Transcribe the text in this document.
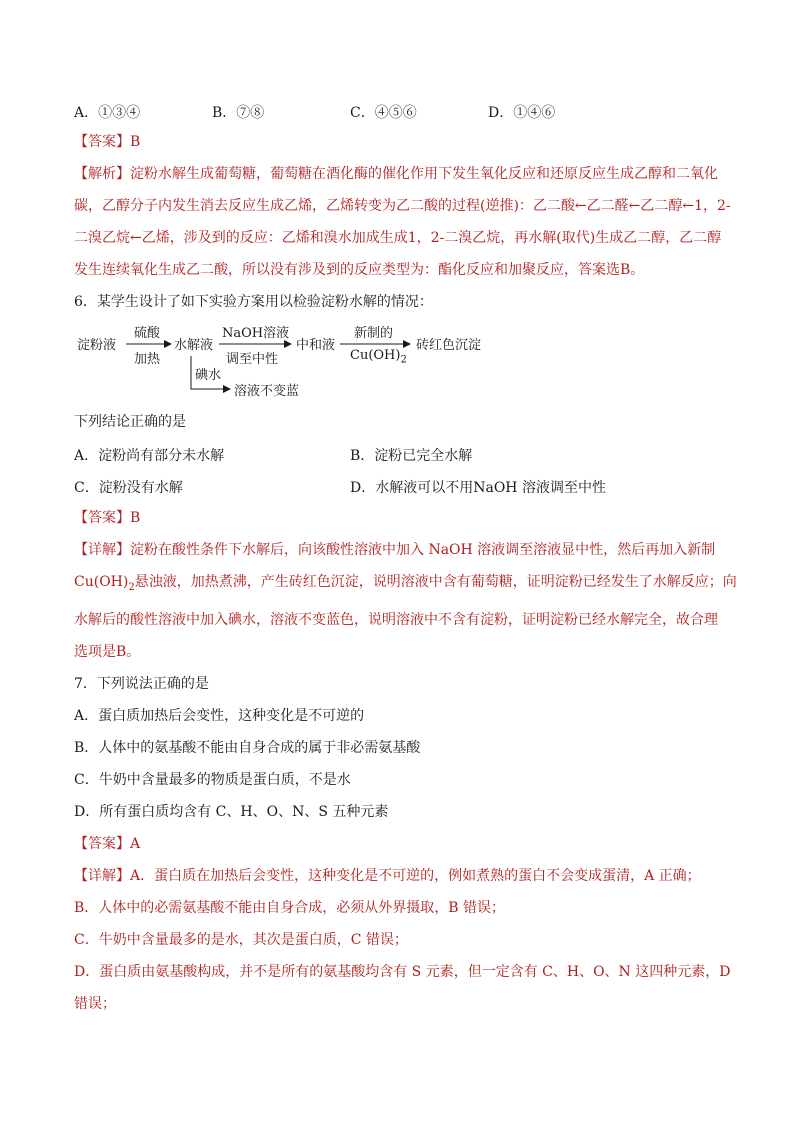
A．①③④	B．⑦⑧	C．④⑤⑥	D．①④⑥
【答案】B
【解析】淀粉水解生成葡萄糖，葡萄糖在酒化酶的催化作用下发生氧化反应和还原反应生成乙醇和二氧化
碳，乙醇分子内发生消去反应生成乙烯，乙烯转变为乙二酸的过程(逆推)：乙二酸←乙二醛←乙二醇←1，2-
二溴乙烷←乙烯，涉及到的反应：乙烯和溴水加成生成1，2-二溴乙烷，再水解(取代)生成乙二醇，乙二醇
发生连续氧化生成乙二酸，所以没有涉及到的反应类型为：酯化反应和加聚反应，答案选B。
6．某学生设计了如下实验方案用以检验淀粉水解的情况：
淀粉液
硫酸
加热
水解液
NaOH溶液
调至中性
中和液
新制的
$Cu(OH)_2$
砖红色沉淀
碘水
溶液不变蓝
下列结论正确的是
A．淀粉尚有部分未水解	B．淀粉已完全水解
C．淀粉没有水解	D．水解液可以不用NaOH 溶液调至中性
【答案】B
【详解】淀粉在酸性条件下水解后，向该酸性溶液中加入 NaOH 溶液调至溶液显中性，然后再加入新制
$Cu(OH)_2$悬浊液，加热煮沸，产生砖红色沉淀，说明溶液中含有葡萄糖，证明淀粉已经发生了水解反应；向
水解后的酸性溶液中加入碘水，溶液不变蓝色，说明溶液中不含有淀粉，证明淀粉已经水解完全，故合理
选项是B。
7．下列说法正确的是
A．蛋白质加热后会变性，这种变化是不可逆的
B．人体中的氨基酸不能由自身合成的属于非必需氨基酸
C．牛奶中含量最多的物质是蛋白质，不是水
D．所有蛋白质均含有 C、H、O、N、S 五种元素
【答案】A
【详解】A．蛋白质在加热后会变性，这种变化是不可逆的，例如煮熟的蛋白不会变成蛋清，A 正确；
B．人体中的必需氨基酸不能由自身合成，必须从外界摄取，B 错误；
C．牛奶中含量最多的是水，其次是蛋白质，C 错误；
D．蛋白质由氨基酸构成，并不是所有的氨基酸均含有 S 元素，但一定含有 C、H、O、N 这四种元素，D
错误；
